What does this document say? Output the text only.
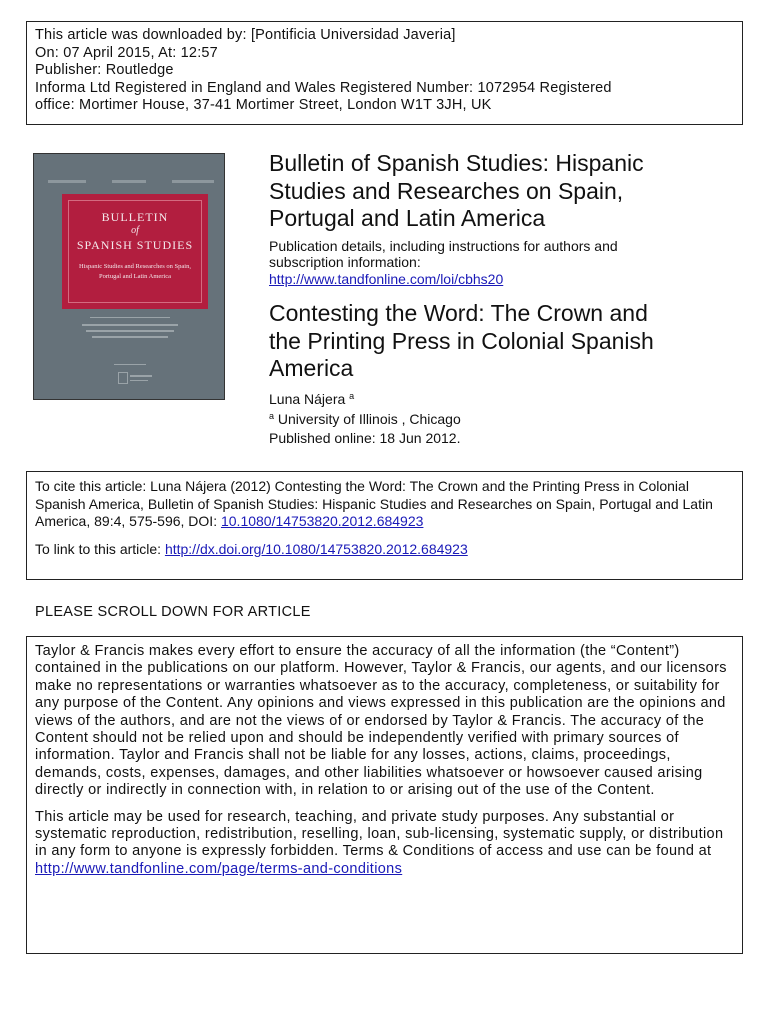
This article was downloaded by: [Pontificia Universidad Javeria]
On: 07 April 2015, At: 12:57
Publisher: Routledge
Informa Ltd Registered in England and Wales Registered Number: 1072954 Registered
office: Mortimer House, 37-41 Mortimer Street, London W1T 3JH, UK
BULLETIN
of
SPANISH STUDIES
Hispanic Studies and Researches on Spain, Portugal and Latin America
Bulletin of Spanish Studies: Hispanic
Studies and Researches on Spain,
Portugal and Latin America
Publication details, including instructions for authors and
subscription information:
http://www.tandfonline.com/loi/cbhs20
Contesting the Word: The Crown and
the Printing Press in Colonial Spanish
America
Luna Nájera $^a$
$^a$ University of Illinois , Chicago
Published online: 18 Jun 2012.
To cite this article: Luna Nájera (2012) Contesting the Word: The Crown and the Printing Press in Colonial Spanish America, Bulletin of Spanish Studies: Hispanic Studies and Researches on Spain, Portugal and Latin America, 89:4, 575-596, DOI: 10.1080/14753820.2012.684923
To link to this article: http://dx.doi.org/10.1080/14753820.2012.684923
PLEASE SCROLL DOWN FOR ARTICLE

Taylor & Francis makes every effort to ensure the accuracy of all the information (the “Content”) contained in the publications on our platform. However, Taylor & Francis, our agents, and our licensors make no representations or warranties whatsoever as to the accuracy, completeness, or suitability for any purpose of the Content. Any opinions and views expressed in this publication are the opinions and views of the authors, and are not the views of or endorsed by Taylor & Francis. The accuracy of the Content should not be relied upon and should be independently verified with primary sources of information. Taylor and Francis shall not be liable for any losses, actions, claims, proceedings, demands, costs, expenses, damages, and other liabilities whatsoever or howsoever caused arising directly or indirectly in connection with, in relation to or arising out of the use of the Content.

This article may be used for research, teaching, and private study purposes. Any substantial or systematic reproduction, redistribution, reselling, loan, sub-licensing, systematic supply, or distribution in any form to anyone is expressly forbidden. Terms & Conditions of access and use can be found at http://www.tandfonline.com/page/terms-and-conditions
